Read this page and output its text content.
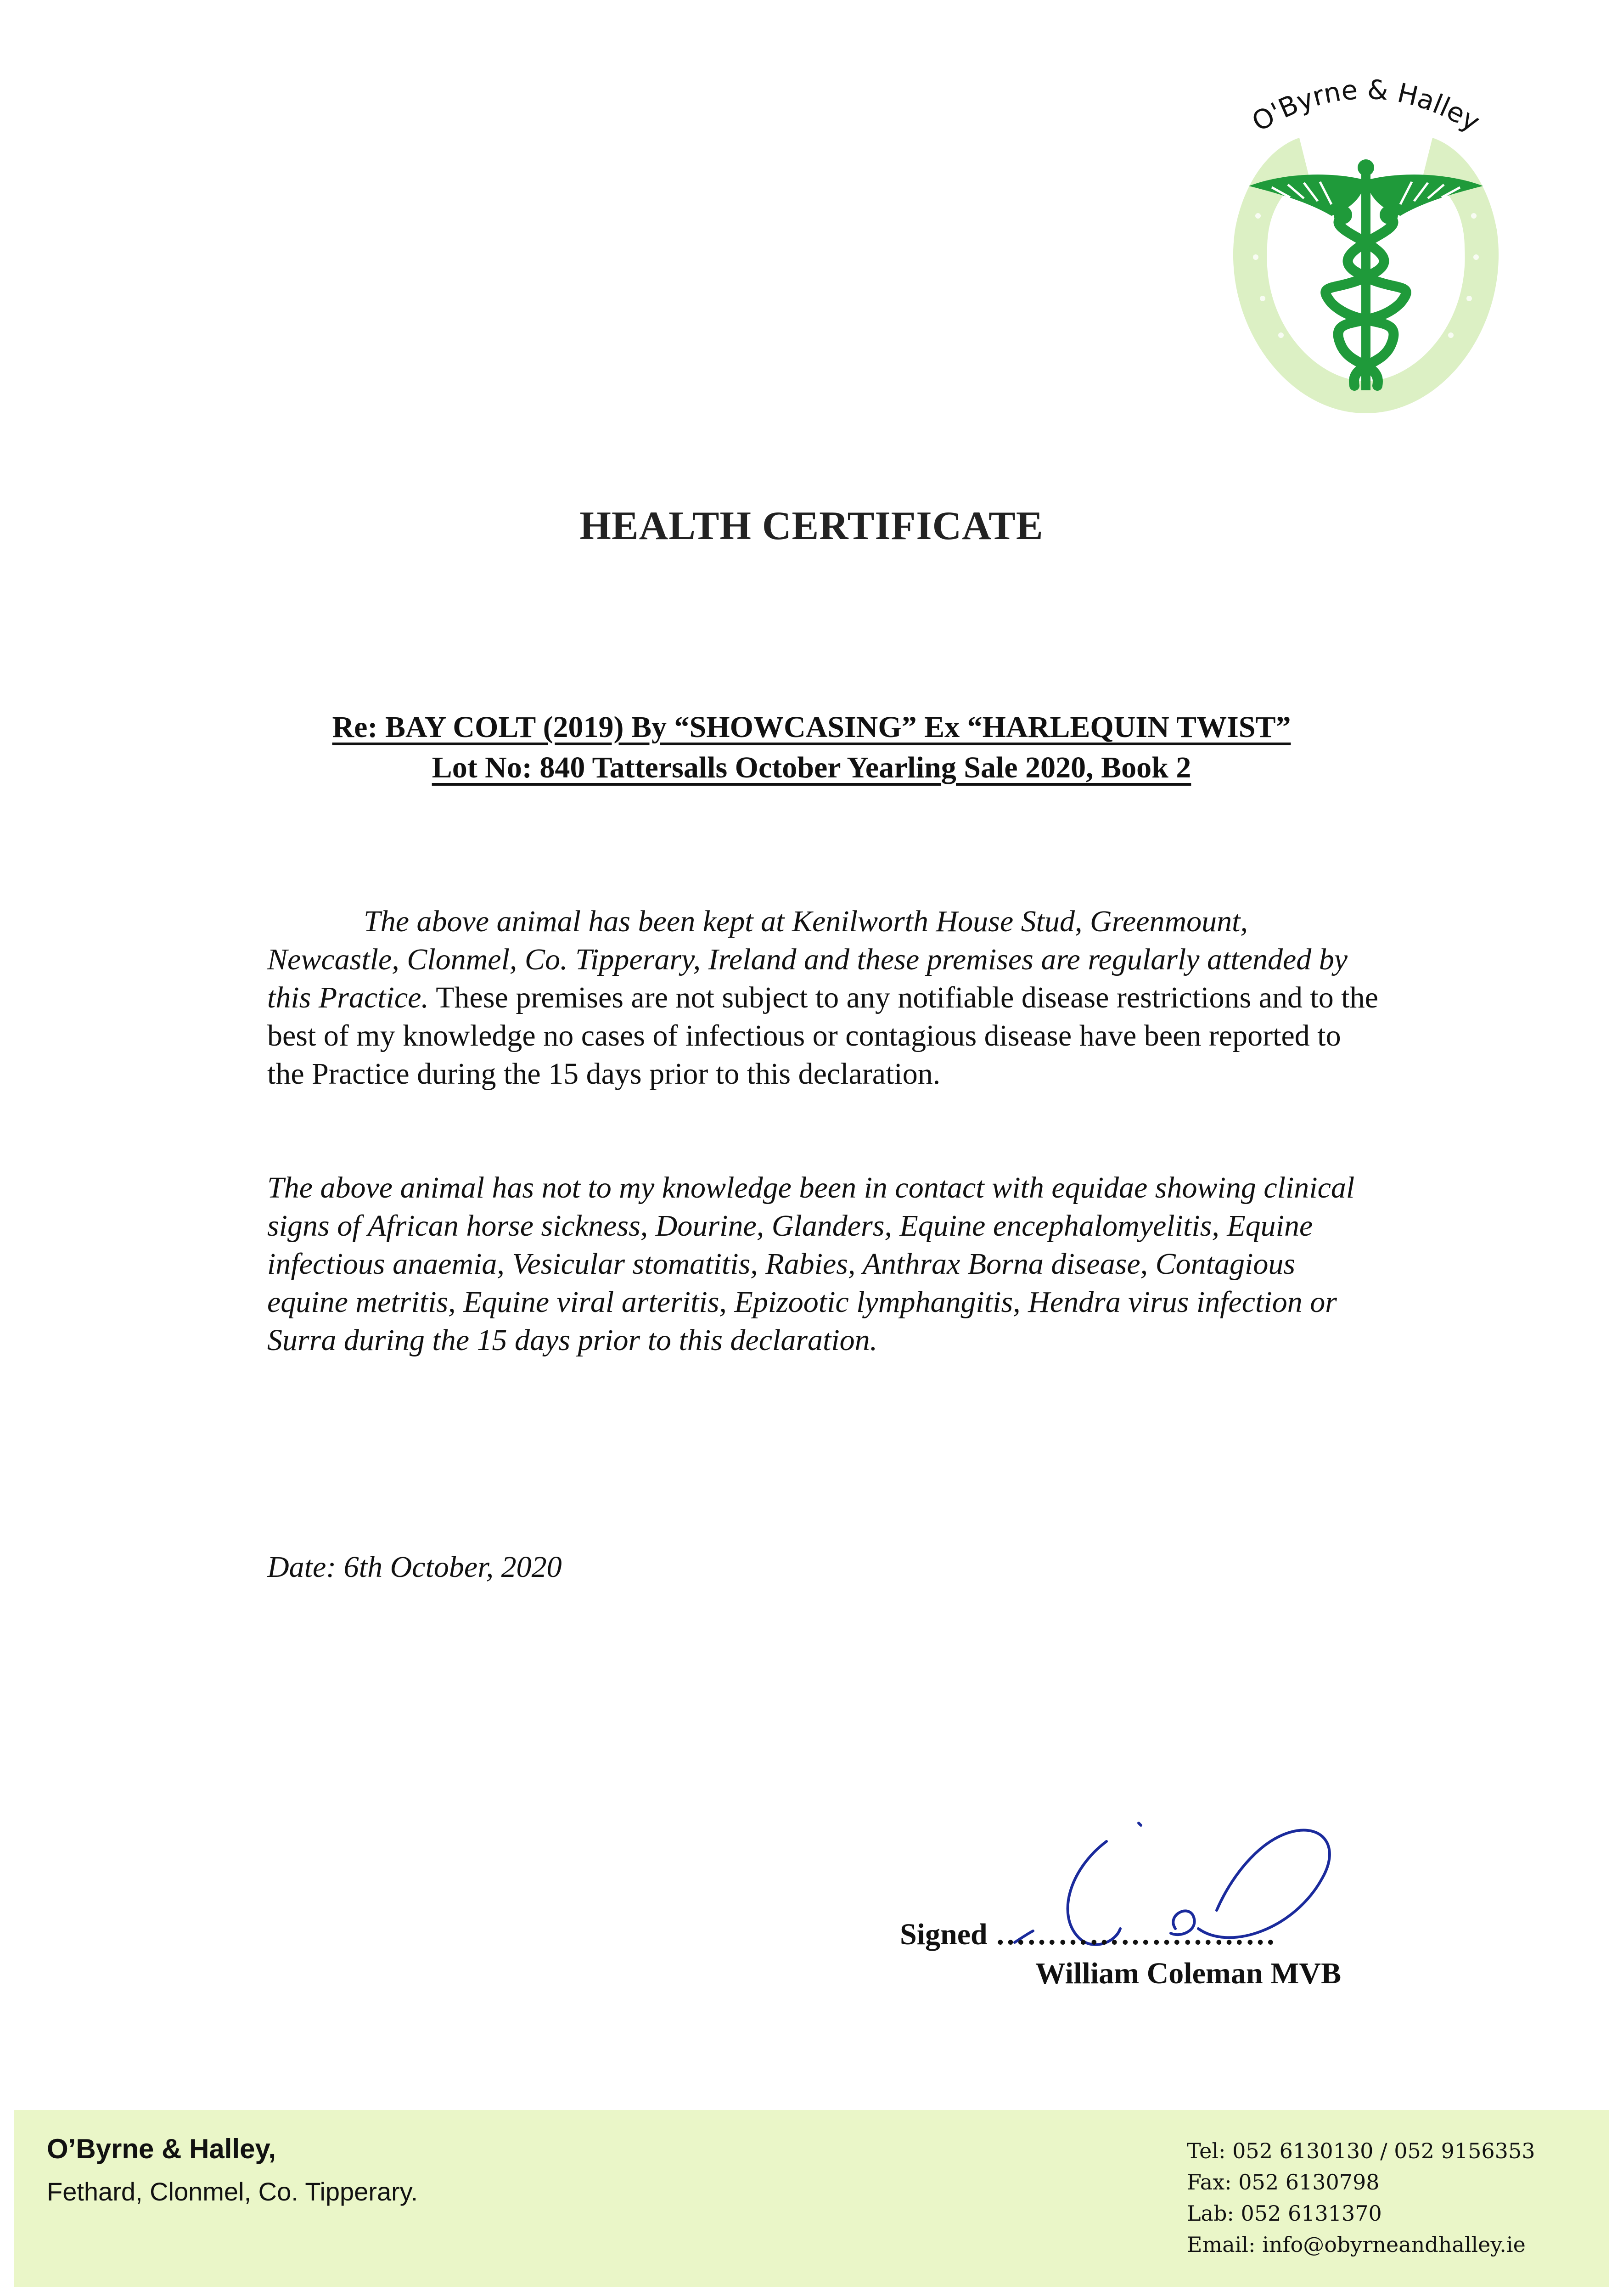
O'Byrne & Halley
HEALTH CERTIFICATE
Re: BAY COLT (2019) By “SHOWCASING” Ex “HARLEQUIN TWIST”
Lot No: 840 Tattersalls October Yearling Sale 2020, Book 2
The above animal has been kept at Kenilworth House Stud, Greenmount, Newcastle, Clonmel, Co. Tipperary, Ireland and these premises are regularly attended by this Practice. These premises are not subject to any notifiable disease restrictions and to the best of my knowledge no cases of infectious or contagious disease have been reported to the Practice during the 15 days prior to this declaration.
The above animal has not to my knowledge been in contact with equidae showing clinical signs of African horse sickness, Dourine, Glanders, Equine encephalomyelitis, Equine infectious anaemia, Vesicular stomatitis, Rabies, Anthrax Borna disease, Contagious equine metritis, Equine viral arteritis, Epizootic lymphangitis, Hendra virus infection or Surra during the 15 days prior to this declaration.
Date: 6th October, 2020
Signed ………………………
William Coleman MVB
O’Byrne & Halley,
Fethard, Clonmel, Co. Tipperary.
Tel: 052 6130130 / 052 9156353
Fax: 052 6130798
Lab: 052 6131370
Email: info@obyrneandhalley.ie
